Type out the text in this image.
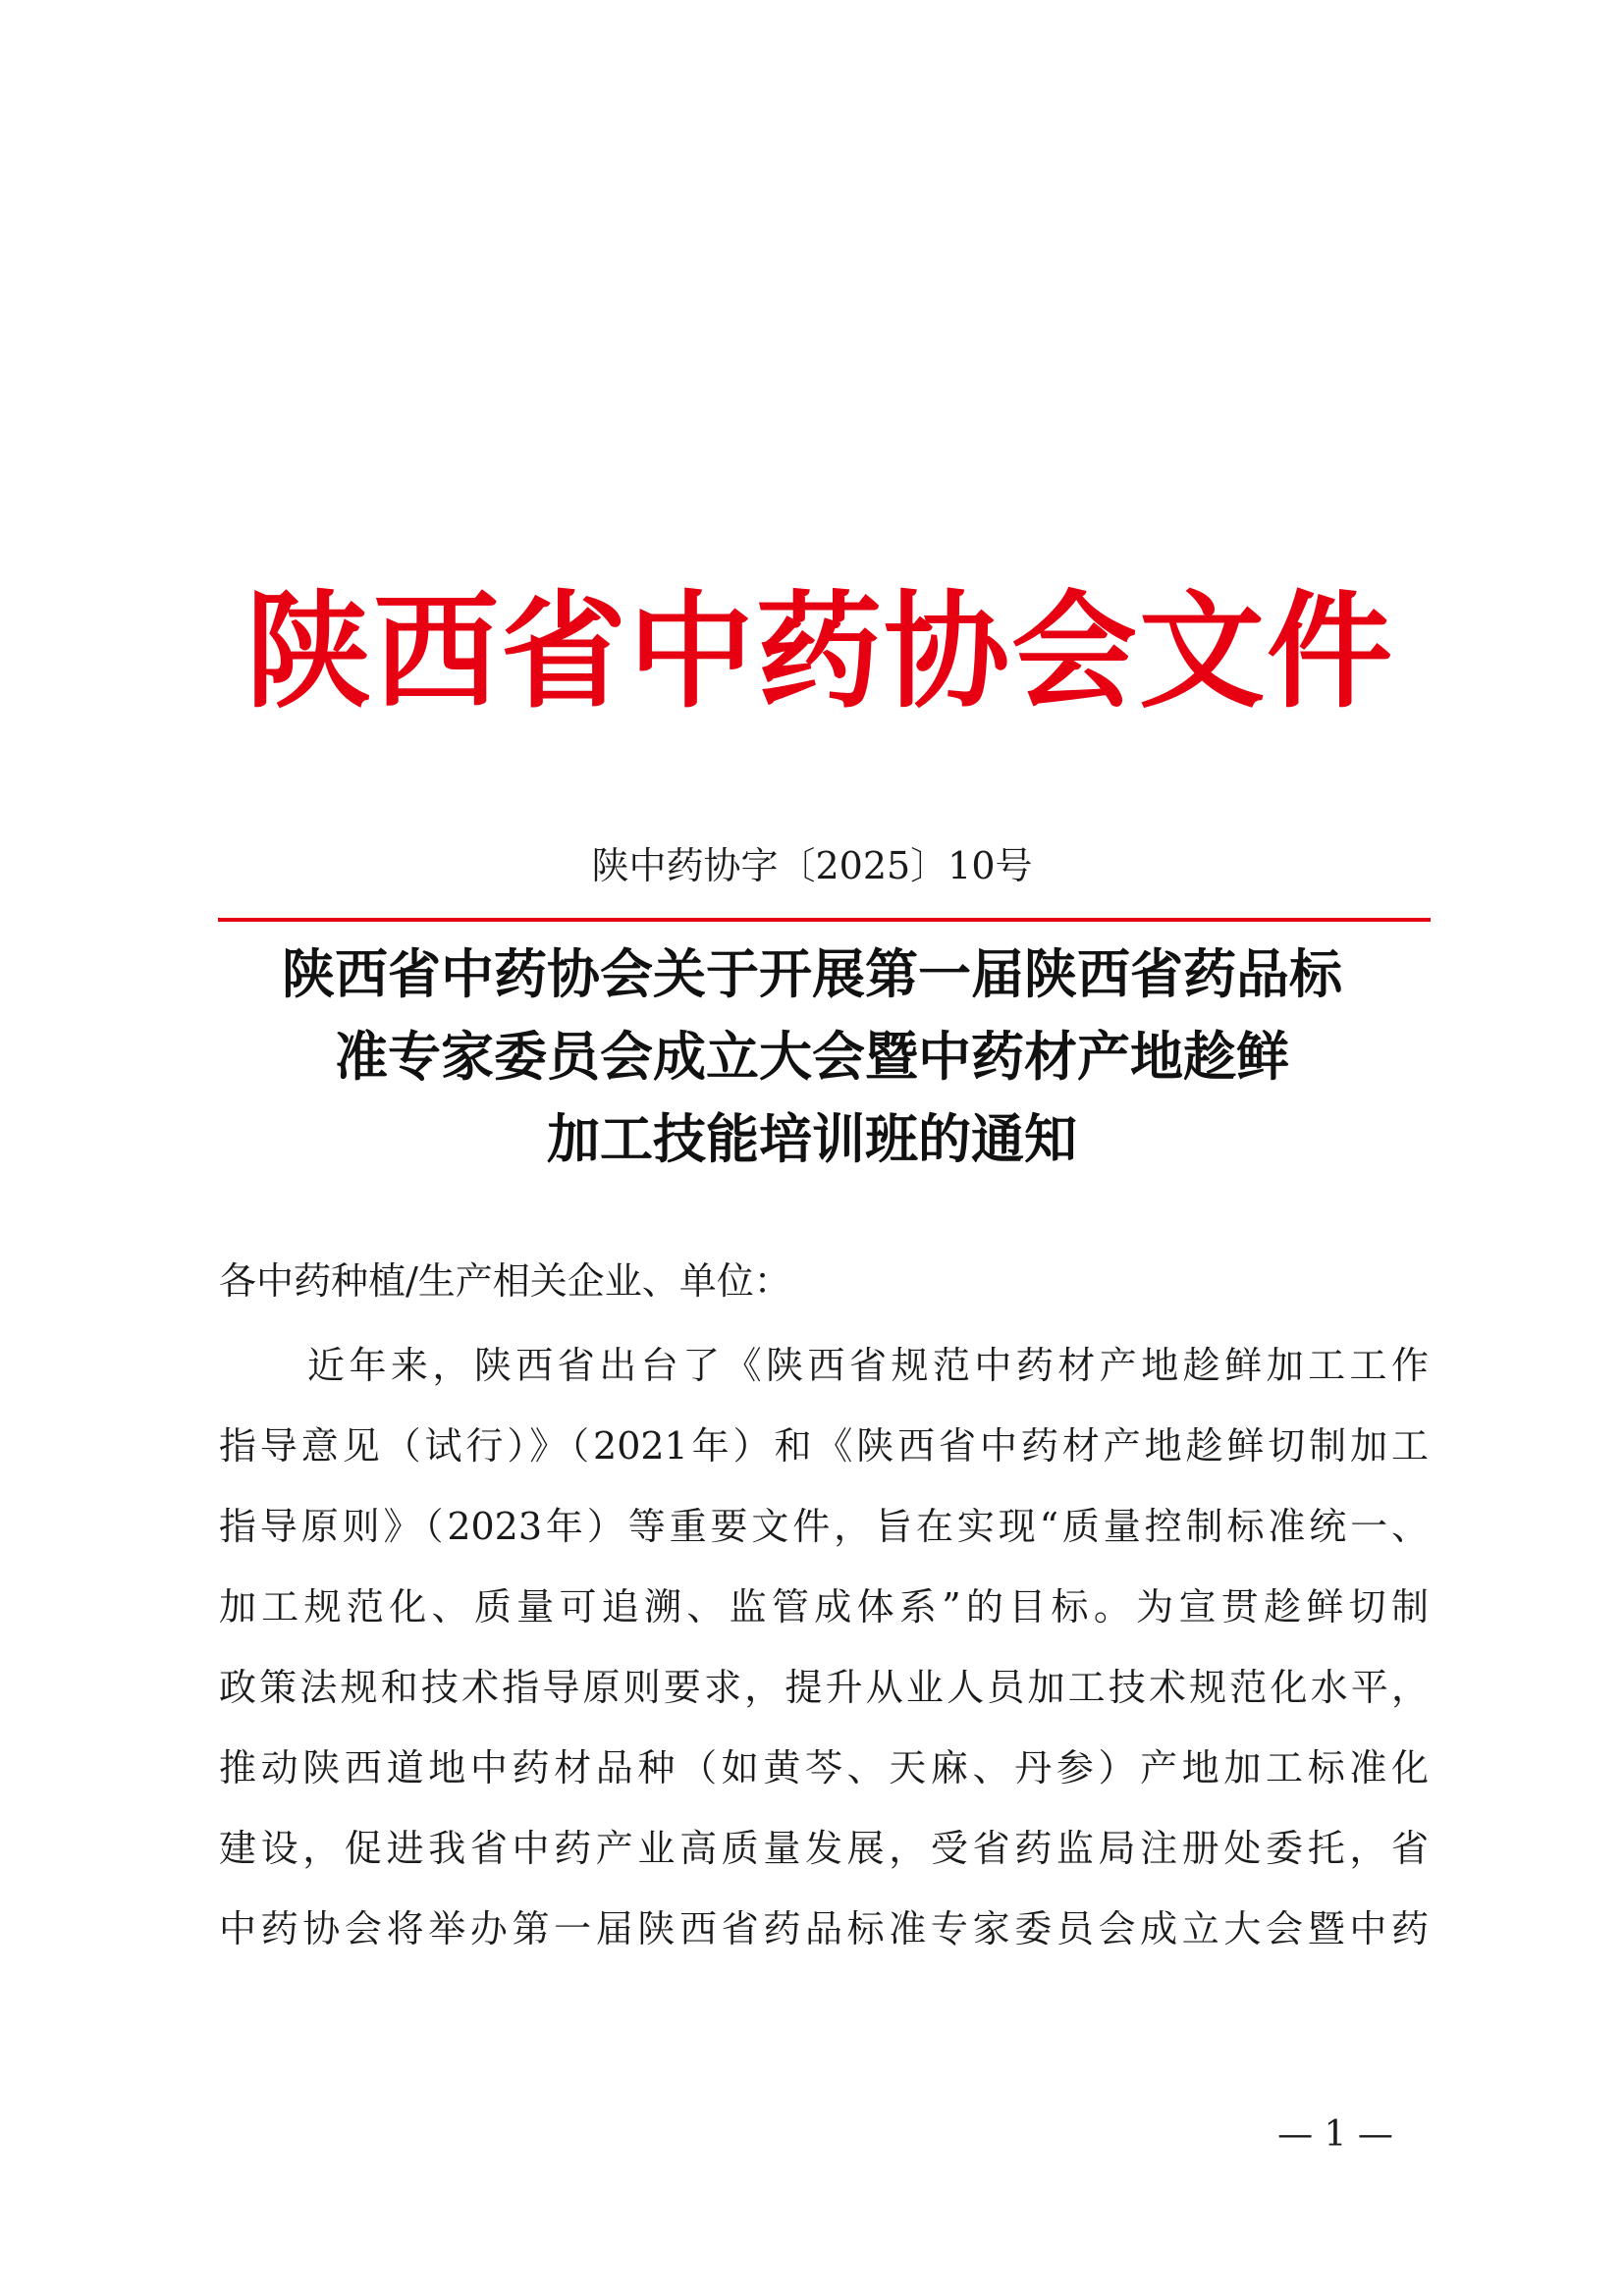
陕西省中药协会文件
陕中药协字〔2025〕10号
陕西省中药协会关于开展第一届陕西省药品标
准专家委员会成立大会暨中药材产地趁鲜
加工技能培训班的通知
各中药种植/生产相关企业、单位：
近年来，陕西省出台了《陕西省规范中药材产地趁鲜加工工作
指导意见（试行）》（2021年）和《陕西省中药材产地趁鲜切制加工
指导原则》（2023年）等重要文件，旨在实现“质量控制标准统一、
加工规范化、质量可追溯、监管成体系”的目标。为宣贯趁鲜切制
政策法规和技术指导原则要求，提升从业人员加工技术规范化水平，
推动陕西道地中药材品种（如黄芩、天麻、丹参）产地加工标准化
建设，促进我省中药产业高质量发展，受省药监局注册处委托，省
中药协会将举办第一届陕西省药品标准专家委员会成立大会暨中药
— 1 —
